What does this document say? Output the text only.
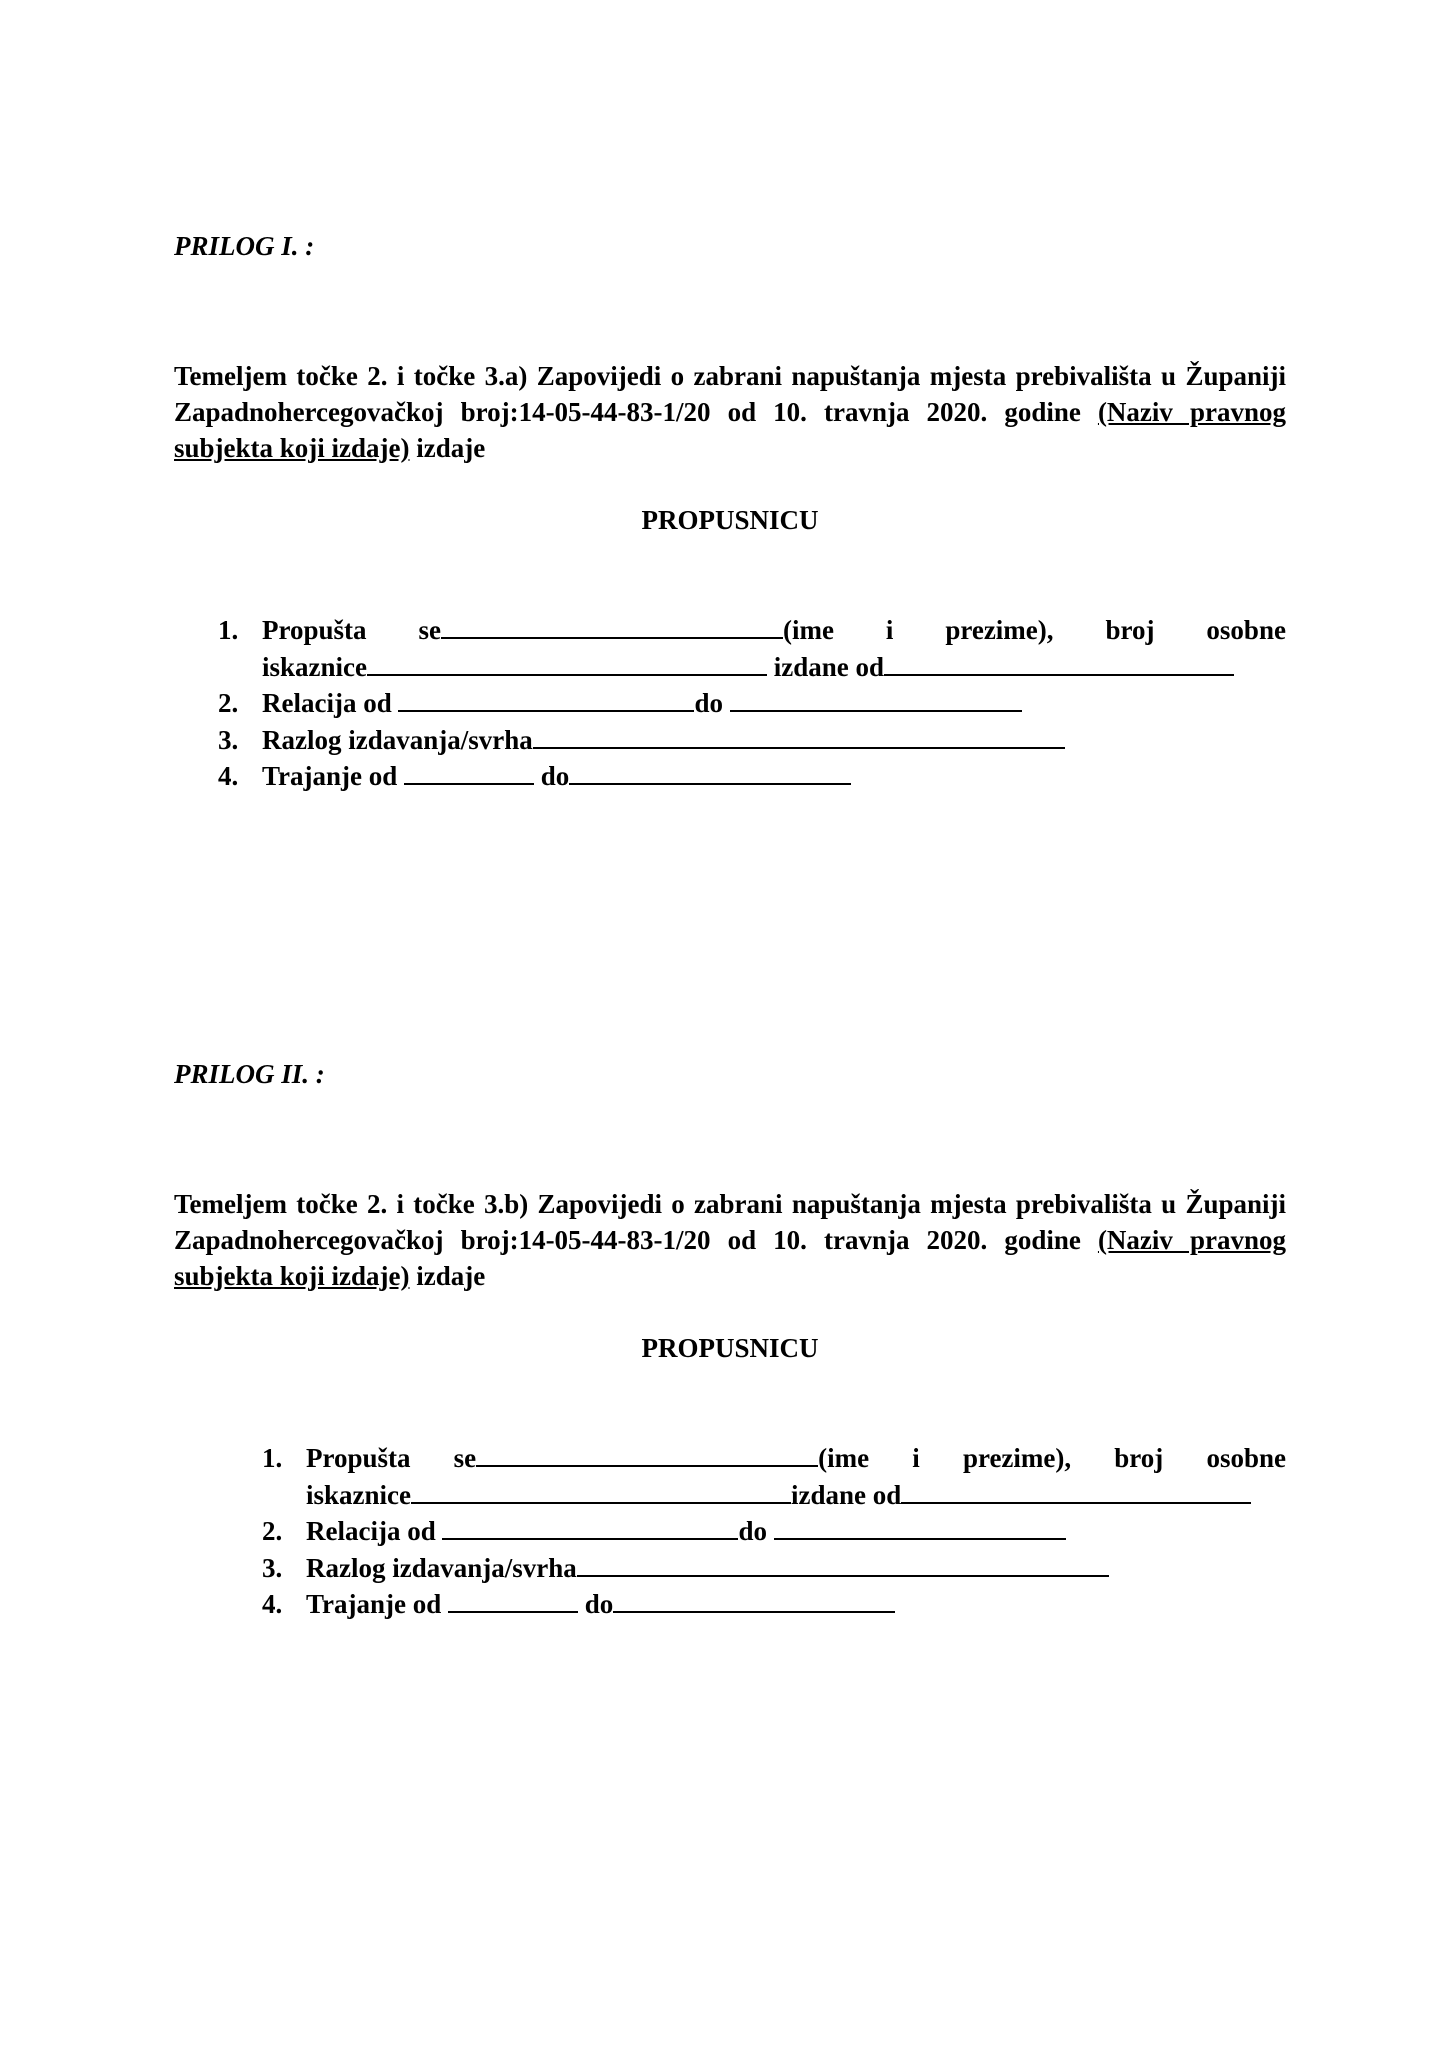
PRILOG I. :

Temeljem točke 2. i točke 3.a) Zapovijedi o zabrani napuštanja mjesta prebivališta u Županiji Zapadnohercegovačkoj broj:14-05-44-83-1/20 od 10. travnja 2020. godine (Naziv pravnog subjekta koji izdaje) izdaje
PROPUSNICU
1. Propušta se	(ime i prezime), broj osobne
iskaznice	izdane od
2. Relacija od	do
3. Razlog izdavanja/svrha
4. Trajanje od	do

PRILOG II. :

Temeljem točke 2. i točke 3.b) Zapovijedi o zabrani napuštanja mjesta prebivališta u Županiji Zapadnohercegovačkoj broj:14-05-44-83-1/20 od 10. travnja 2020. godine (Naziv pravnog subjekta koji izdaje) izdaje
PROPUSNICU
1. Propušta se	(ime i prezime), broj osobne
iskaznice	izdane od
2. Relacija od	do
3. Razlog izdavanja/svrha
4. Trajanje od	do
